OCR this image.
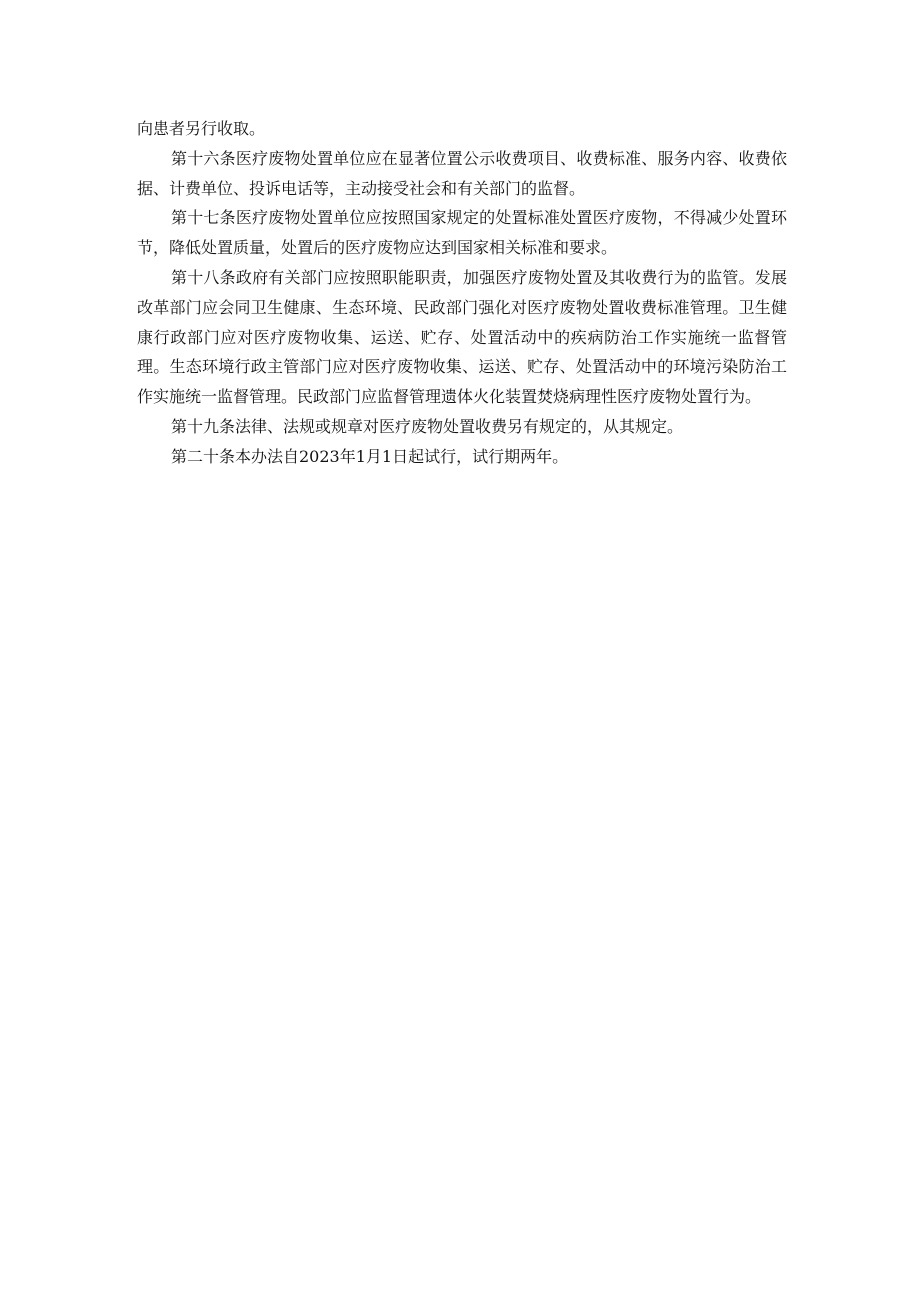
向患者另行收取。

第十六条医疗废物处置单位应在显著位置公示收费项目、收费标准、服务内容、收费依据、计费单位、投诉电话等，主动接受社会和有关部门的监督。

第十七条医疗废物处置单位应按照国家规定的处置标准处置医疗废物，不得减少处置环节，降低处置质量，处置后的医疗废物应达到国家相关标准和要求。

第十八条政府有关部门应按照职能职责，加强医疗废物处置及其收费行为的监管。发展改革部门应会同卫生健康、生态环境、民政部门强化对医疗废物处置收费标准管理。卫生健康行政部门应对医疗废物收集、运送、贮存、处置活动中的疾病防治工作实施统一监督管理。生态环境行政主管部门应对医疗废物收集、运送、贮存、处置活动中的环境污染防治工作实施统一监督管理。民政部门应监督管理遗体火化装置焚烧病理性医疗废物处置行为。

第十九条法律、法规或规章对医疗废物处置收费另有规定的，从其规定。

第二十条本办法自2023年1月1日起试行，试行期两年。
